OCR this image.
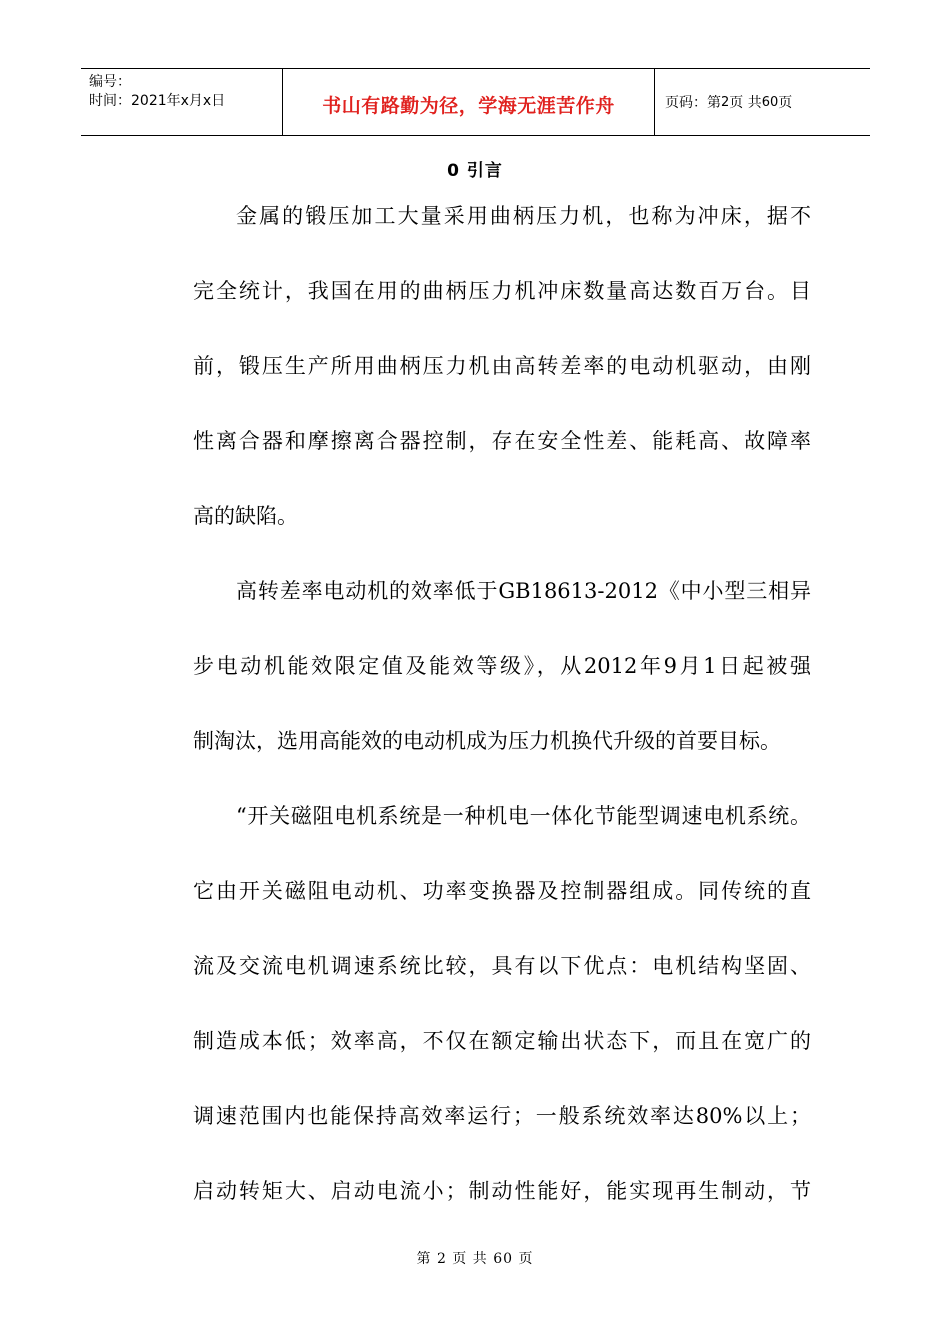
编号：
时间：2021年x月x日	书山有路勤为径，学海无涯苦作舟	页码：第 2 页 共 60 页
0 引言
金属的锻压加工大量采用曲柄压力机，也称为冲床，据不
完全统计，我国在用的曲柄压力机冲床数量高达数百万台。目
前，锻压生产所用曲柄压力机由高转差率的电动机驱动，由刚
性离合器和摩擦离合器控制，存在安全性差、能耗高、故障率
高的缺陷。
高转差率电动机的效率低于GB18613-2012《中小型三相异
步电动机能效限定值及能效等级》，从2012年9月1日起被强
制淘汰，选用高能效的电动机成为压力机换代升级的首要目标。
“开关磁阻电机系统是一种机电一体化节能型调速电机系统。
它由开关磁阻电动机、功率变换器及控制器组成。同传统的直
流及交流电机调速系统比较，具有以下优点：电机结构坚固、
制造成本低；效率高，不仅在额定输出状态下，而且在宽广的
调速范围内也能保持高效率运行；一般系统效率达80%以上；
启动转矩大、启动电流小；制动性能好，能实现再生制动，节
第 2 页 共 60 页
